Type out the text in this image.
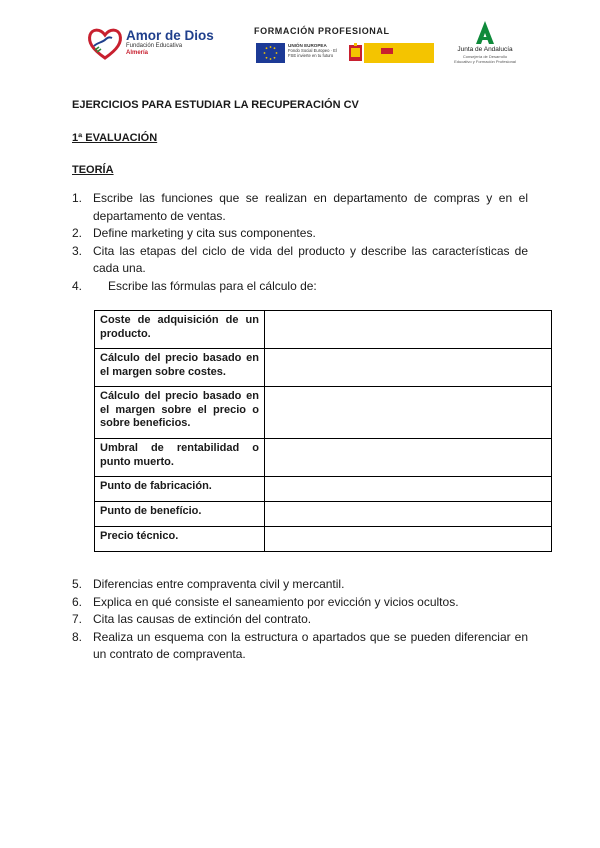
Amor de Dios
Fundación Educativa
Almería
FORMACIÓN PROFESIONAL
UNIÓN EUROPEA
Fondo Social Europeo · El FSE invierte en tu futuro
Junta de Andalucía
Consejería de Desarrollo Educativo y Formación Profesional
EJERCICIOS PARA ESTUDIAR LA RECUPERACIÓN CV
1ª EVALUACIÓN
TEORÍA
1. Escribe las funciones que se realizan en departamento de compras y en el departamento de ventas.
2. Define marketing y cita sus componentes.
3. Cita las etapas del ciclo de vida del producto y describe las características de cada una.
4.	Escribe las fórmulas para el cálculo de:
Coste de adquisición de un producto.	
Cálculo del precio basado en el margen sobre costes.	
Cálculo del precio basado en el margen sobre el precio o sobre beneficios.	
Umbral de rentabilidad o punto muerto.	
Punto de fabricación.	
Punto de benefício.	
Precio técnico.	
5. Diferencias entre compraventa civil y mercantil.
6. Explica en qué consiste el saneamiento por evicción y vicios ocultos.
7. Cita las causas de extinción del contrato.
8. Realiza un esquema con la estructura o apartados que se pueden diferenciar en un contrato de compraventa.
